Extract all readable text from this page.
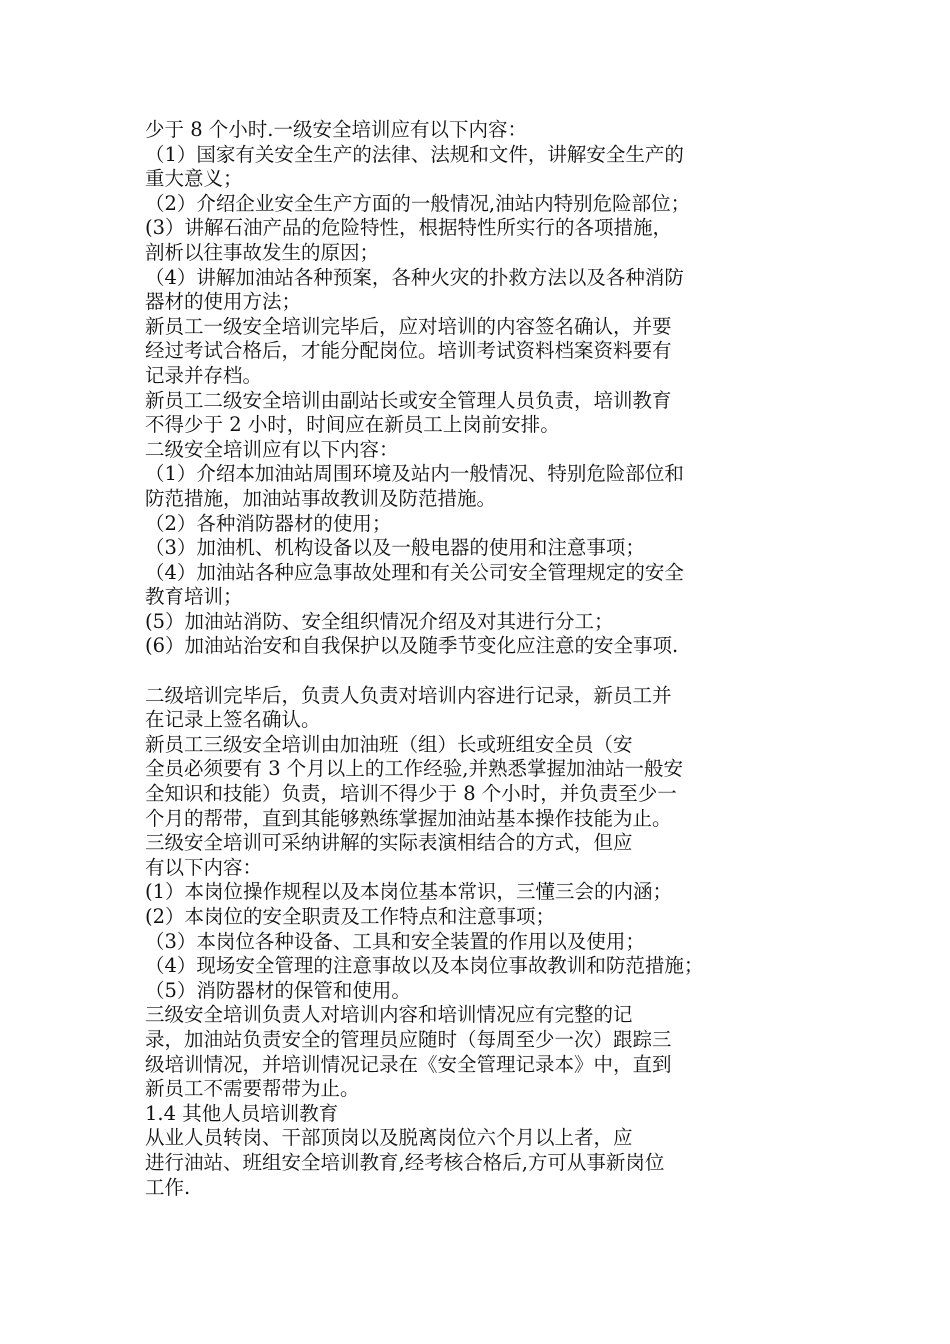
少于 8 个小时.一级安全培训应有以下内容：
（1）国家有关安全生产的法律、法规和文件，讲解安全生产的
重大意义；
（2）介绍企业安全生产方面的一般情况,油站内特别危险部位；
(3）讲解石油产品的危险特性，根据特性所实行的各项措施，
剖析以往事故发生的原因；
（4）讲解加油站各种预案，各种火灾的扑救方法以及各种消防
器材的使用方法；
新员工一级安全培训完毕后，应对培训的内容签名确认，并要
经过考试合格后，才能分配岗位。培训考试资料档案资料要有
记录并存档。
新员工二级安全培训由副站长或安全管理人员负责，培训教育
不得少于 2 小时，时间应在新员工上岗前安排。
二级安全培训应有以下内容：
（1）介绍本加油站周围环境及站内一般情况、特别危险部位和
防范措施，加油站事故教训及防范措施。
（2）各种消防器材的使用；
（3）加油机、机构设备以及一般电器的使用和注意事项；
（4）加油站各种应急事故处理和有关公司安全管理规定的安全
教育培训；
(5）加油站消防、安全组织情况介绍及对其进行分工；
(6）加油站治安和自我保护以及随季节变化应注意的安全事项.
二级培训完毕后，负责人负责对培训内容进行记录，新员工并
在记录上签名确认。
新员工三级安全培训由加油班（组）长或班组安全员（安
全员必须要有 3 个月以上的工作经验,并熟悉掌握加油站一般安
全知识和技能）负责，培训不得少于 8 个小时，并负责至少一
个月的帮带，直到其能够熟练掌握加油站基本操作技能为止。
三级安全培训可采纳讲解的实际表演相结合的方式，但应
有以下内容：
(1）本岗位操作规程以及本岗位基本常识，三懂三会的内涵；
(2）本岗位的安全职责及工作特点和注意事项；
（3）本岗位各种设备、工具和安全装置的作用以及使用；
（4）现场安全管理的注意事故以及本岗位事故教训和防范措施；
（5）消防器材的保管和使用。
三级安全培训负责人对培训内容和培训情况应有完整的记
录，加油站负责安全的管理员应随时（每周至少一次）跟踪三
级培训情况，并培训情况记录在《安全管理记录本》中，直到
新员工不需要帮带为止。
1.4 其他人员培训教育
从业人员转岗、干部顶岗以及脱离岗位六个月以上者，应
进行油站、班组安全培训教育,经考核合格后,方可从事新岗位
工作.
